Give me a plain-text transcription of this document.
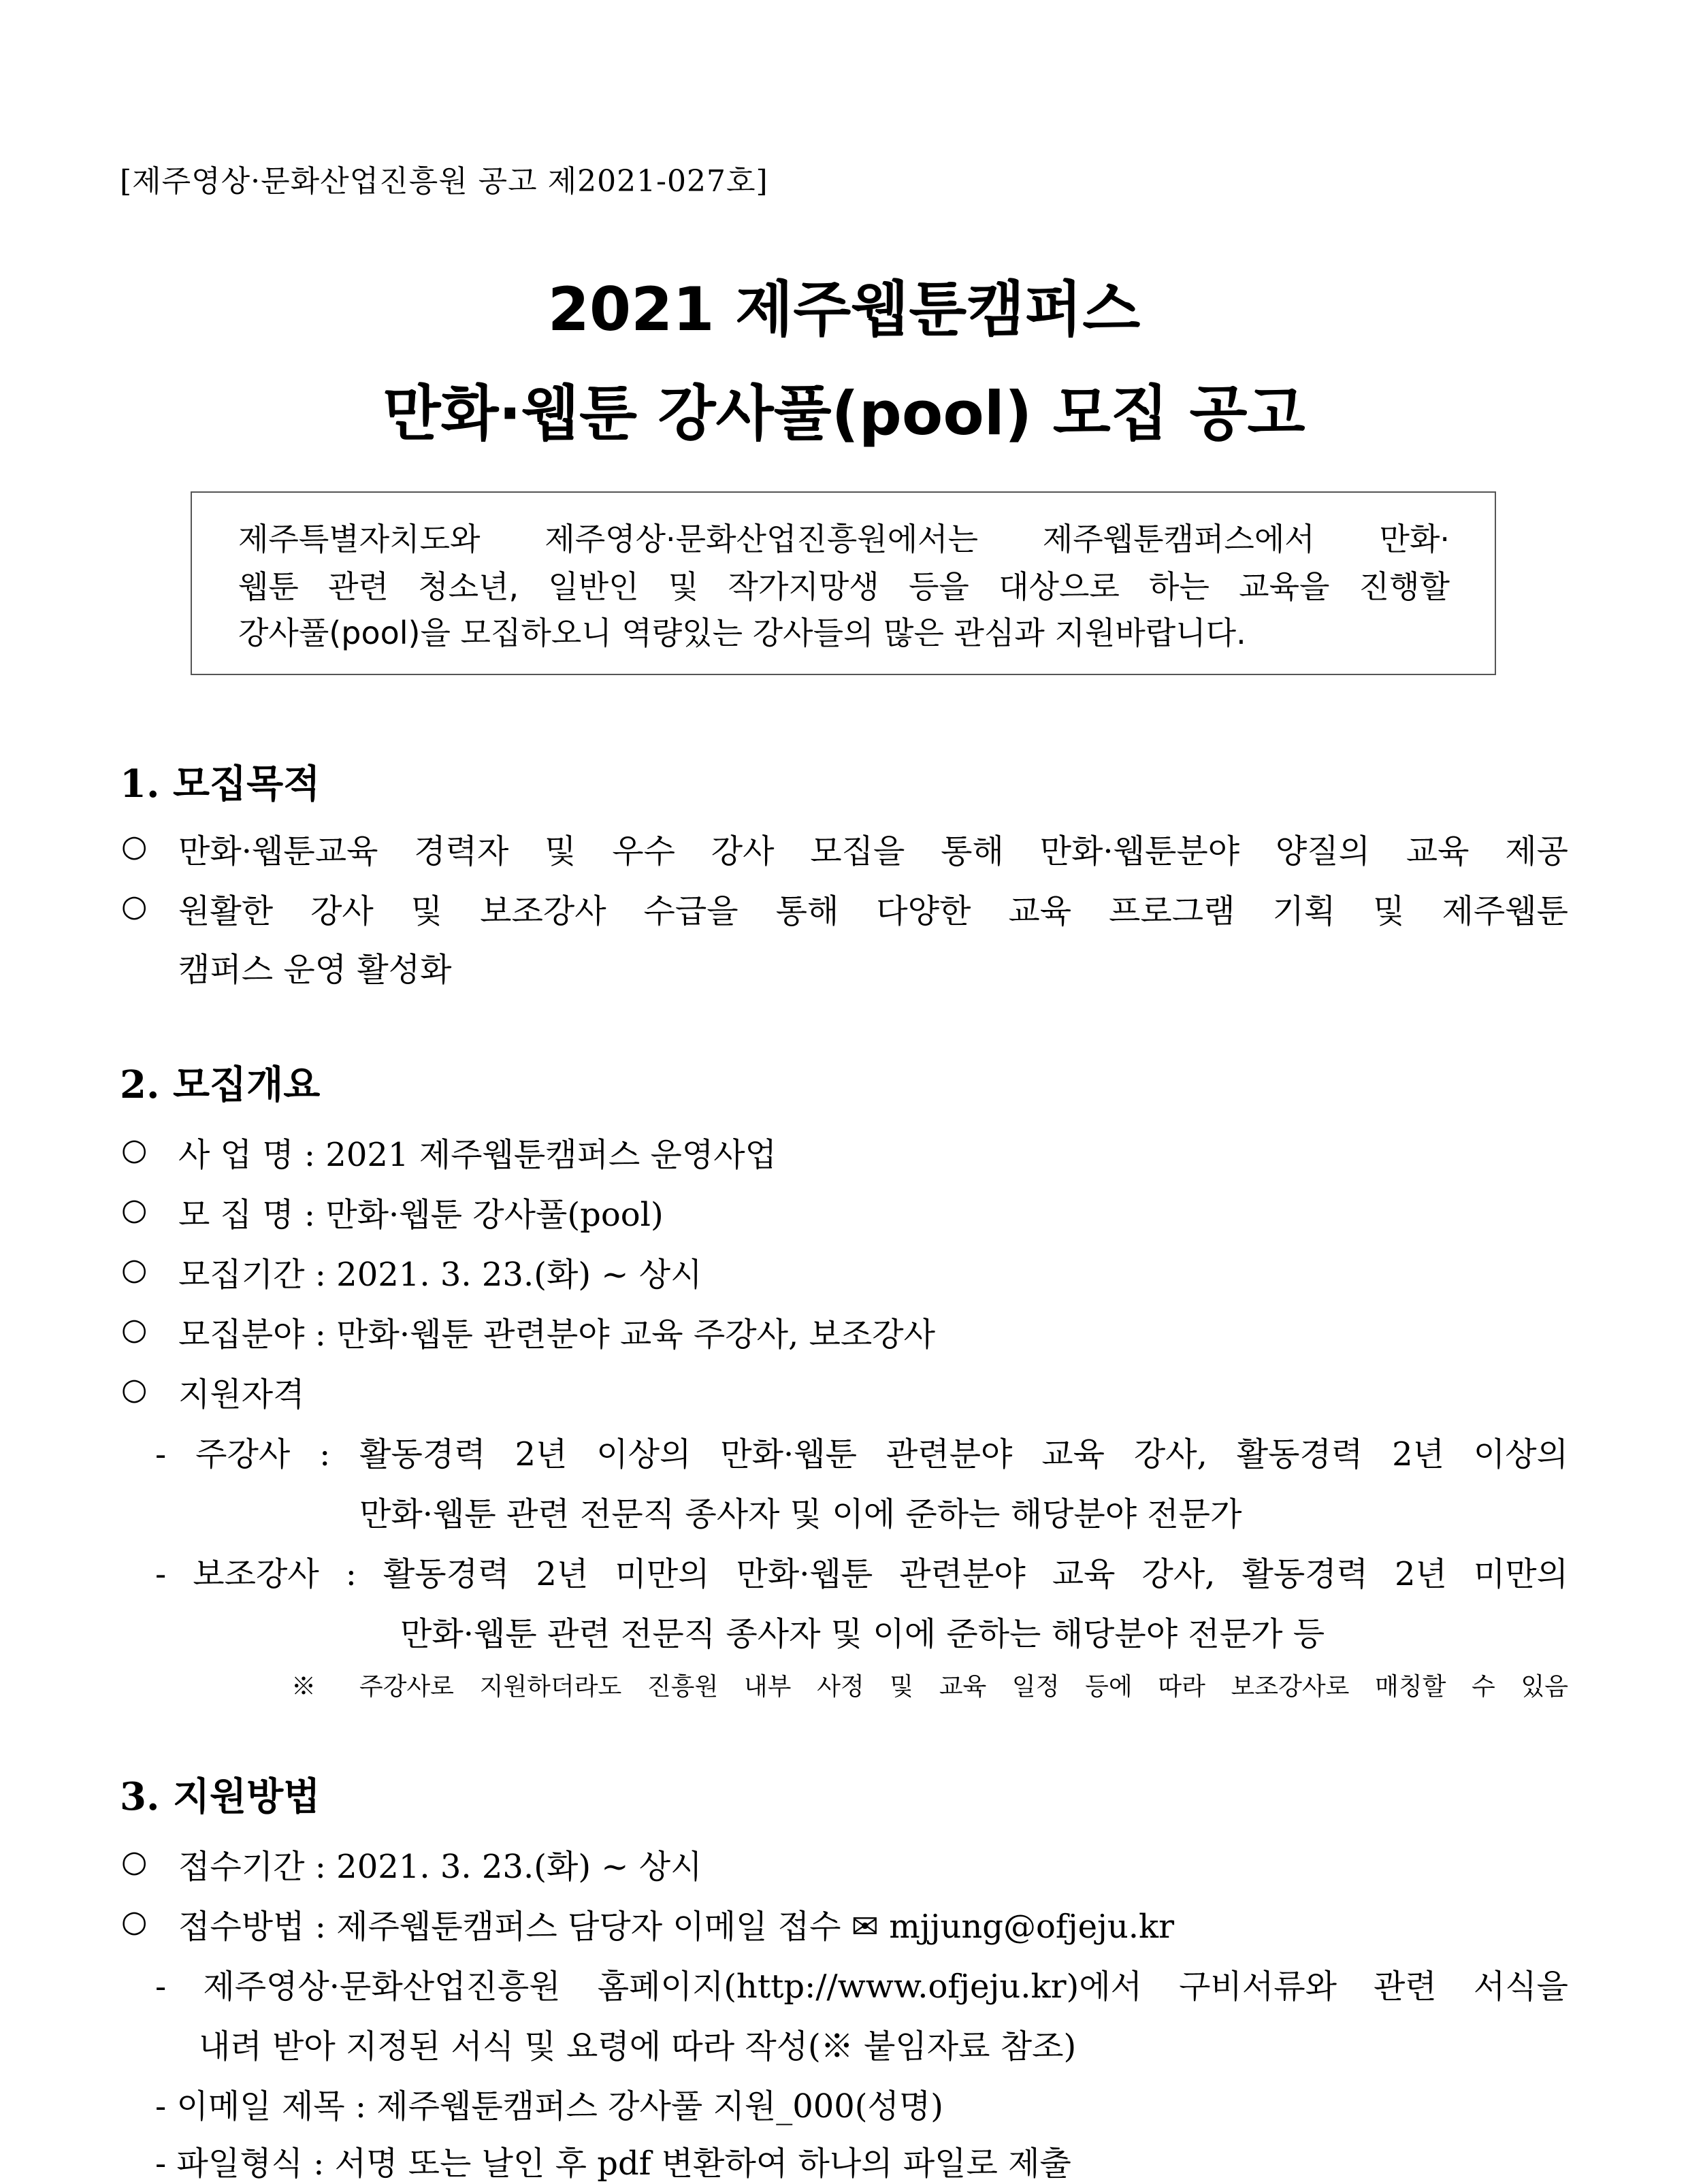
[제주영상·문화산업진흥원 공고 제2021-027호]
2021 제주웹툰캠퍼스
만화·웹툰 강사풀(pool) 모집 공고
제주특별자치도와 제주영상·문화산업진흥원에서는 제주웹툰캠퍼스에서 만화·
웹툰 관련 청소년, 일반인 및 작가지망생 등을 대상으로 하는 교육을 진행할
강사풀(pool)을 모집하오니 역량있는 강사들의 많은 관심과 지원바랍니다.
1. 모집목적
○ 만화·웹툰교육 경력자 및 우수 강사 모집을 통해 만화·웹툰분야 양질의 교육 제공
○ 원활한 강사 및 보조강사 수급을 통해 다양한 교육 프로그램 기획 및 제주웹툰
캠퍼스 운영 활성화
2. 모집개요
○ 사 업 명 : 2021 제주웹툰캠퍼스 운영사업
○ 모 집 명 : 만화·웹툰 강사풀(pool)
○ 모집기간 : 2021. 3. 23.(화) ~ 상시
○ 모집분야 : 만화·웹툰 관련분야 교육 주강사, 보조강사
○ 지원자격
- 주강사 : 활동경력 2년 이상의 만화·웹툰 관련분야 교육 강사, 활동경력 2년 이상의
만화·웹툰 관련 전문직 종사자 및 이에 준하는 해당분야 전문가
- 보조강사 : 활동경력 2년 미만의 만화·웹툰 관련분야 교육 강사, 활동경력 2년 미만의
만화·웹툰 관련 전문직 종사자 및 이에 준하는 해당분야 전문가 등
※ 주강사로 지원하더라도 진흥원 내부 사정 및 교육 일정 등에 따라 보조강사로 매칭할 수 있음
3. 지원방법
○ 접수기간 : 2021. 3. 23.(화) ~ 상시
○ 접수방법 : 제주웹툰캠퍼스 담당자 이메일 접수 ✉ mjjung@ofjeju.kr
- 제주영상·문화산업진흥원 홈페이지(http://www.ofjeju.kr)에서 구비서류와 관련 서식을
내려 받아 지정된 서식 및 요령에 따라 작성(※ 붙임자료 참조)
- 이메일 제목 : 제주웹툰캠퍼스 강사풀 지원_000(성명)
- 파일형식 : 서명 또는 날인 후 pdf 변환하여 하나의 파일로 제출
